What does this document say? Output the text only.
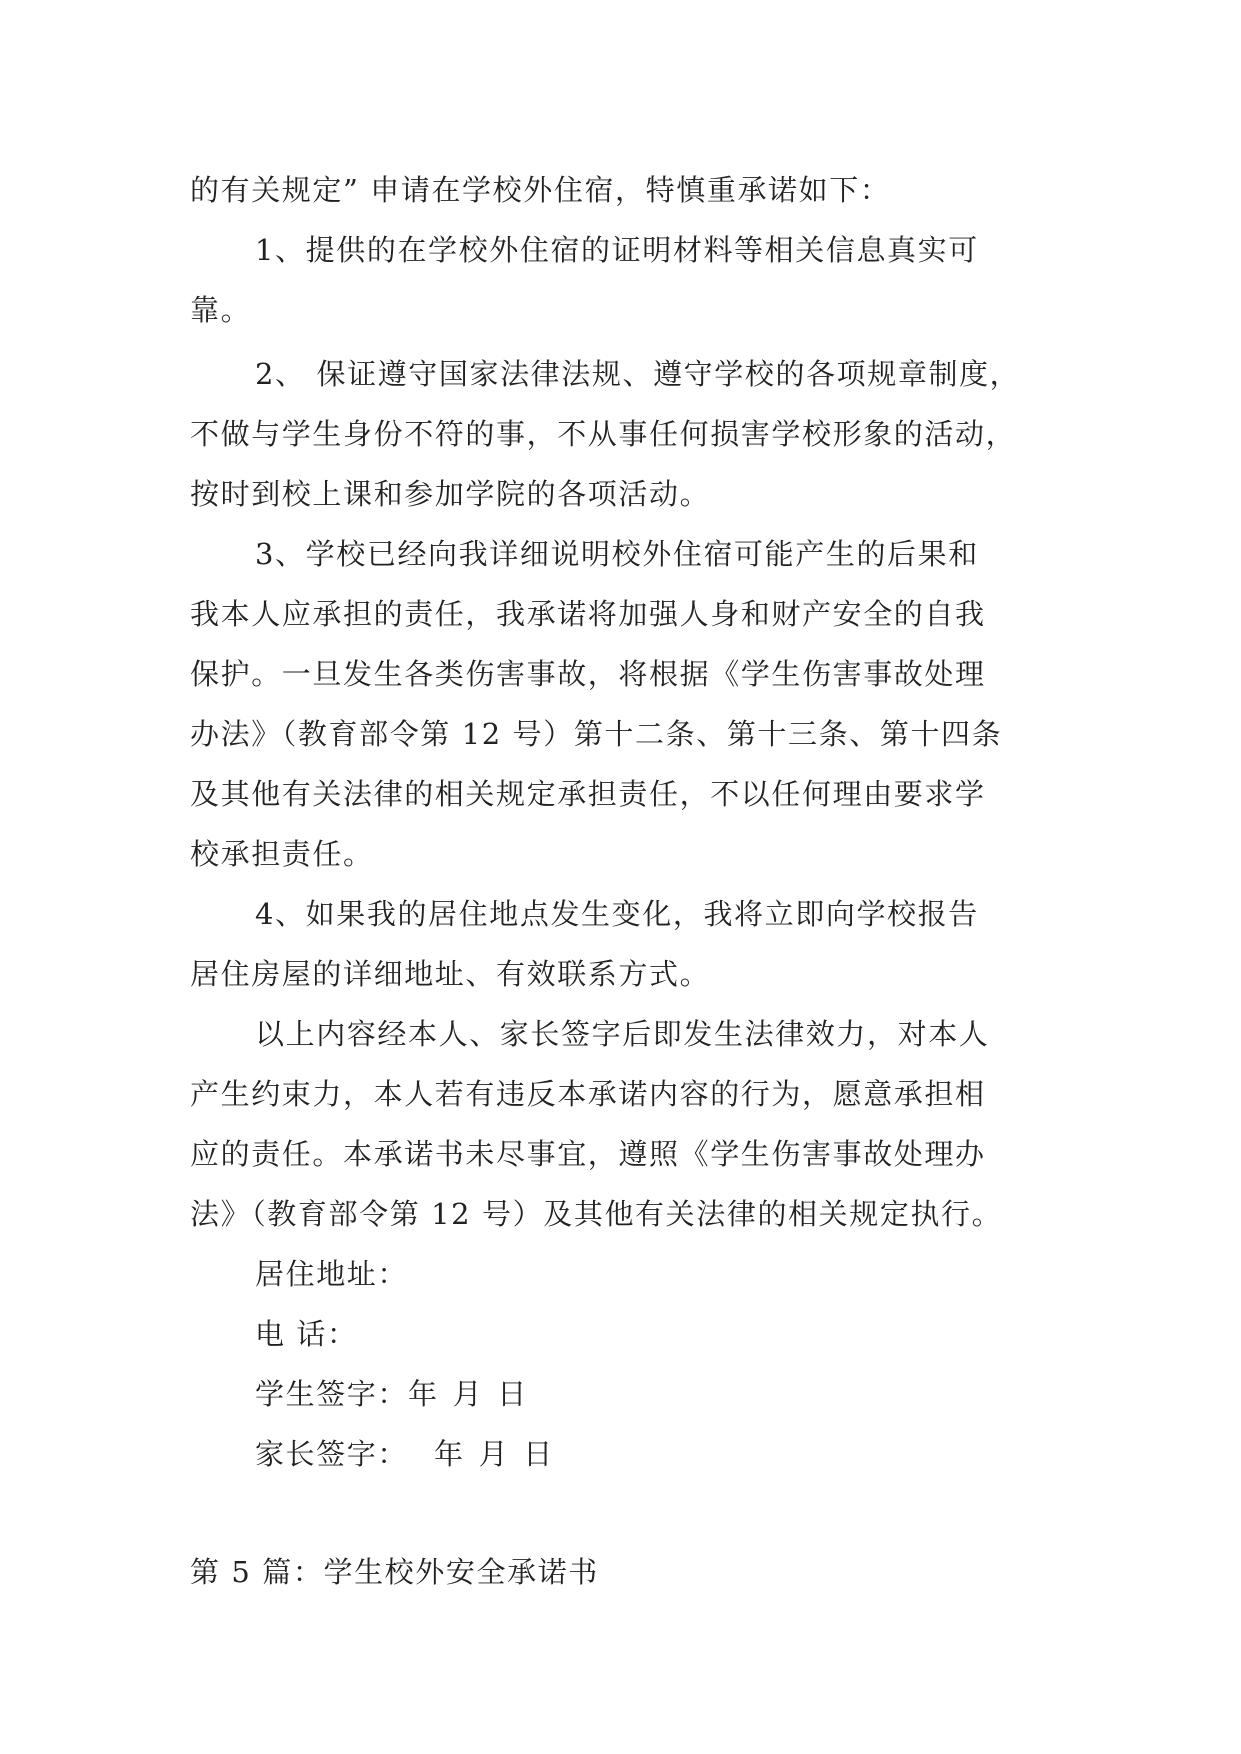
的有关规定” 申请在学校外住宿，特慎重承诺如下：
1、提供的在学校外住宿的证明材料等相关信息真实可
靠。
2、 保证遵守国家法律法规、遵守学校的各项规章制度，
不做与学生身份不符的事，不从事任何损害学校形象的活动，
按时到校上课和参加学院的各项活动。
3、学校已经向我详细说明校外住宿可能产生的后果和
我本人应承担的责任，我承诺将加强人身和财产安全的自我
保护。一旦发生各类伤害事故，将根据《学生伤害事故处理
办法》（教育部令第 12 号）第十二条、第十三条、第十四条
及其他有关法律的相关规定承担责任，不以任何理由要求学
校承担责任。
4、如果我的居住地点发生变化，我将立即向学校报告
居住房屋的详细地址、有效联系方式。
以上内容经本人、家长签字后即发生法律效力，对本人
产生约束力，本人若有违反本承诺内容的行为，愿意承担相
应的责任。本承诺书未尽事宜，遵照《学生伤害事故处理办
法》（教育部令第 12 号）及其他有关法律的相关规定执行。
居住地址：
电 话：
学生签字：年 月 日
家长签字： 年 月 日
第 5 篇：学生校外安全承诺书
